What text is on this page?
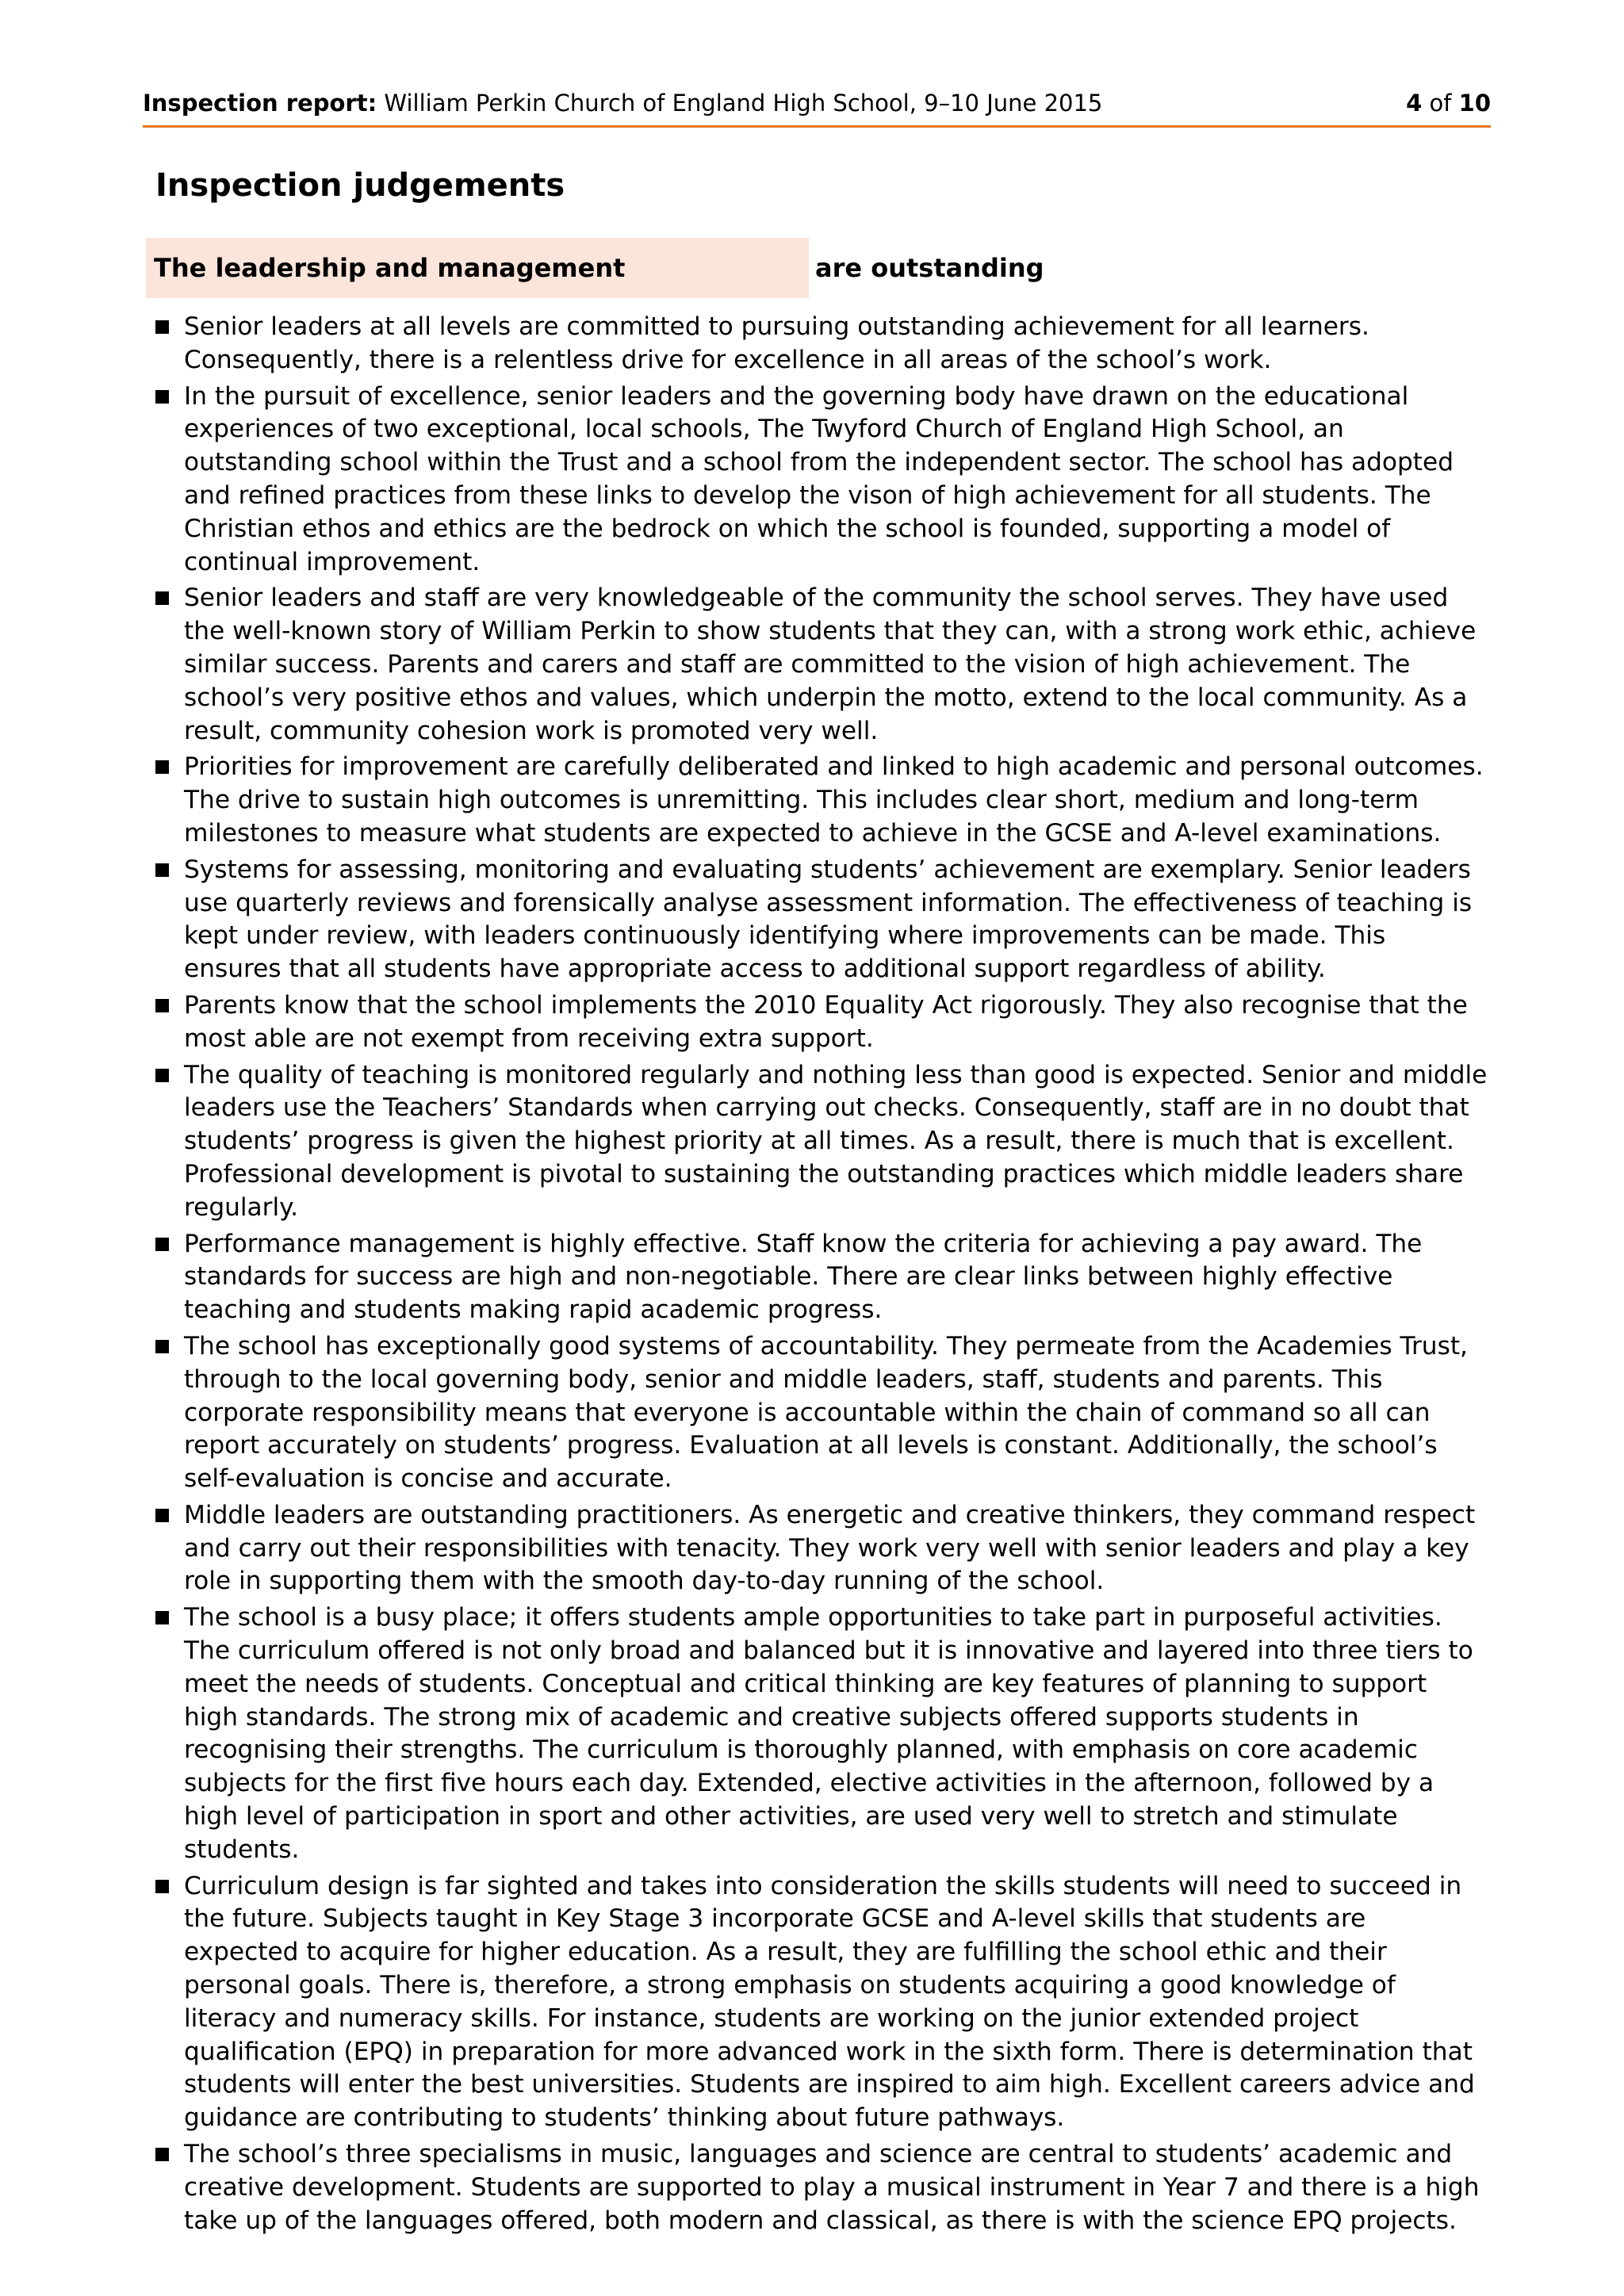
Inspection report: William Perkin Church of England High School, 9–10 June 2015	4 of 10
Inspection judgements
The leadership and management	are outstanding
Senior leaders at all levels are committed to pursuing outstanding achievement for all learners. Consequently, there is a relentless drive for excellence in all areas of the school’s work.
In the pursuit of excellence, senior leaders and the governing body have drawn on the educational experiences of two exceptional, local schools, The Twyford Church of England High School, an outstanding school within the Trust and a school from the independent sector. The school has adopted and refined practices from these links to develop the vison of high achievement for all students. The Christian ethos and ethics are the bedrock on which the school is founded, supporting a model of continual improvement.
Senior leaders and staff are very knowledgeable of the community the school serves. They have used the well-known story of William Perkin to show students that they can, with a strong work ethic, achieve similar success. Parents and carers and staff are committed to the vision of high achievement. The school’s very positive ethos and values, which underpin the motto, extend to the local community. As a result, community cohesion work is promoted very well.
Priorities for improvement are carefully deliberated and linked to high academic and personal outcomes. The drive to sustain high outcomes is unremitting. This includes clear short, medium and long-term milestones to measure what students are expected to achieve in the GCSE and A-level examinations.
Systems for assessing, monitoring and evaluating students’ achievement are exemplary. Senior leaders use quarterly reviews and forensically analyse assessment information. The effectiveness of teaching is kept under review, with leaders continuously identifying where improvements can be made. This ensures that all students have appropriate access to additional support regardless of ability.
Parents know that the school implements the 2010 Equality Act rigorously. They also recognise that the most able are not exempt from receiving extra support.
The quality of teaching is monitored regularly and nothing less than good is expected. Senior and middle leaders use the Teachers’ Standards when carrying out checks. Consequently, staff are in no doubt that students’ progress is given the highest priority at all times. As a result, there is much that is excellent. Professional development is pivotal to sustaining the outstanding practices which middle leaders share regularly.
Performance management is highly effective. Staff know the criteria for achieving a pay award. The standards for success are high and non-negotiable. There are clear links between highly effective teaching and students making rapid academic progress.
The school has exceptionally good systems of accountability. They permeate from the Academies Trust, through to the local governing body, senior and middle leaders, staff, students and parents. This corporate responsibility means that everyone is accountable within the chain of command so all can report accurately on students’ progress. Evaluation at all levels is constant. Additionally, the school’s self-evaluation is concise and accurate.
Middle leaders are outstanding practitioners. As energetic and creative thinkers, they command respect and carry out their responsibilities with tenacity. They work very well with senior leaders and play a key role in supporting them with the smooth day-to-day running of the school.
The school is a busy place; it offers students ample opportunities to take part in purposeful activities. The curriculum offered is not only broad and balanced but it is innovative and layered into three tiers to meet the needs of students. Conceptual and critical thinking are key features of planning to support high standards. The strong mix of academic and creative subjects offered supports students in recognising their strengths. The curriculum is thoroughly planned, with emphasis on core academic subjects for the first five hours each day. Extended, elective activities in the afternoon, followed by a high level of participation in sport and other activities, are used very well to stretch and stimulate students.
Curriculum design is far sighted and takes into consideration the skills students will need to succeed in the future. Subjects taught in Key Stage 3 incorporate GCSE and A-level skills that students are expected to acquire for higher education. As a result, they are fulfilling the school ethic and their personal goals. There is, therefore, a strong emphasis on students acquiring a good knowledge of literacy and numeracy skills. For instance, students are working on the junior extended project qualification (EPQ) in preparation for more advanced work in the sixth form. There is determination that students will enter the best universities. Students are inspired to aim high. Excellent careers advice and guidance are contributing to students’ thinking about future pathways.
The school’s three specialisms in music, languages and science are central to students’ academic and creative development. Students are supported to play a musical instrument in Year 7 and there is a high take up of the languages offered, both modern and classical, as there is with the science EPQ projects.
